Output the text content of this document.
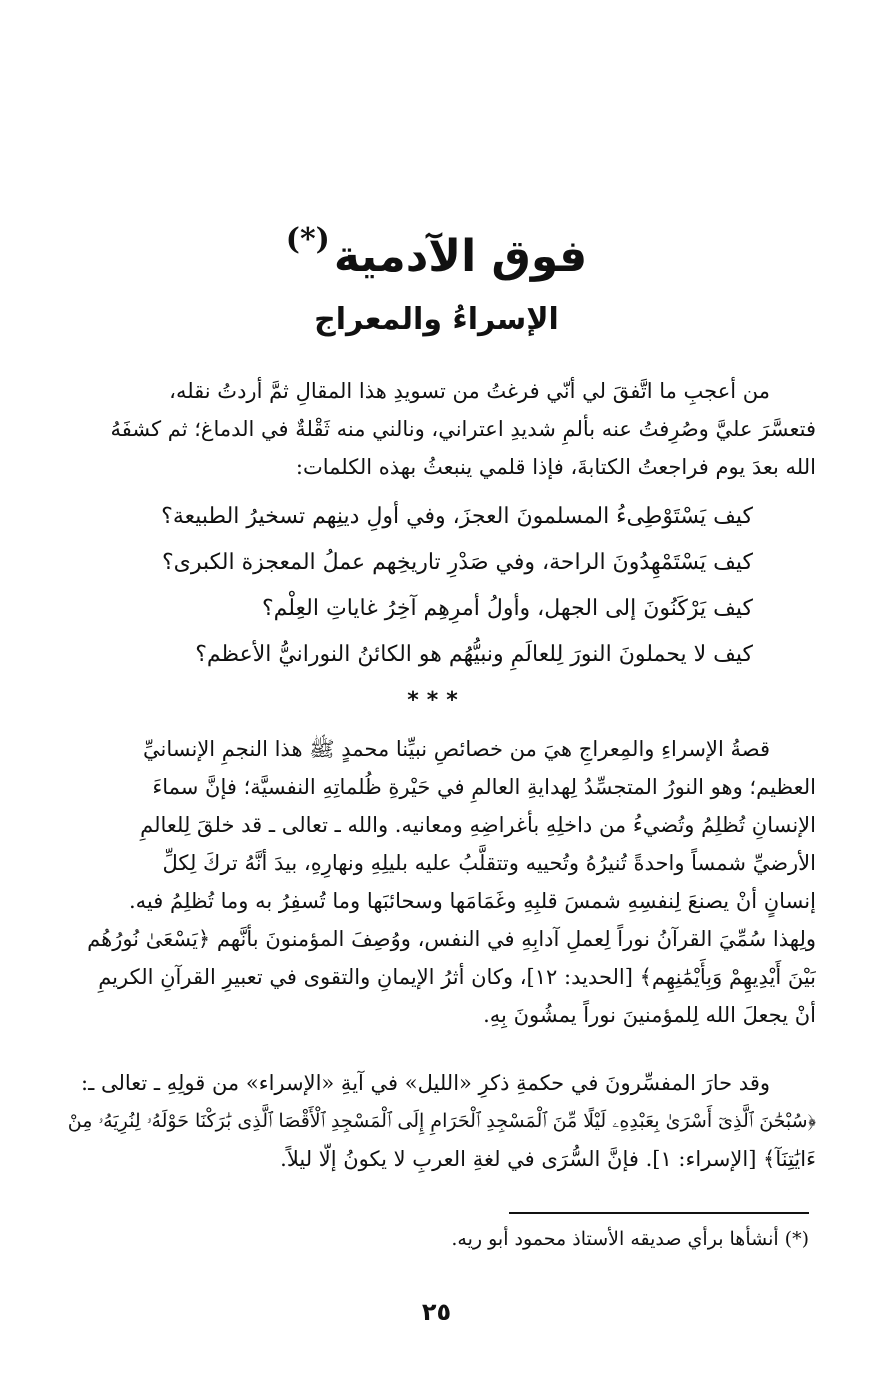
فوق الآدمية(*)
الإسراءُ والمعراج
من أعجبِ ما اتَّفقَ لي أنّي فرغتُ من تسويدِ هذا المقالِ ثمَّ أردتُ نقله،
فتعسَّرَ عليَّ وصُرِفتُ عنه بألمِ شديدِ اعتراني، ونالني منه ثَقْلةٌ في الدماغ؛ ثم كشفَهُ
الله بعدَ يوم فراجعتُ الكتابةَ، فإذا قلمي ينبعثُ بهذه الكلمات:
كيف يَسْتَوْطِىءُ المسلمونَ العجزَ، وفي أولِ دينِهم تسخيرُ الطبيعة؟
كيف يَسْتَمْهِدُونَ الراحة، وفي صَدْرِ تاريخِهم عملُ المعجزة الكبرى؟
كيف يَرْكَنُونَ إلى الجهل، وأولُ أمرِهِم آخِرُ غاياتِ العِلْم؟
كيف لا يحملونَ النورَ لِلعالَمِ ونبيُّهُم هو الكائنُ النورانيُّ الأعظم؟
***
قصةُ الإسراءِ والمِعراجِ هيَ من خصائصِ نبيِّنا محمدٍ ﷺ هذا النجمِ الإنسانيِّ
العظيم؛ وهو النورُ المتجسِّدُ لِهدايةِ العالمِ في حَيْرةِ ظُلماتِهِ النفسيَّة؛ فإنَّ سماءَ
الإنسانِ تُظلِمُ وتُضيءُ من داخلِهِ بأغراضِهِ ومعانيه. والله ـ تعالى ـ قد خلقَ لِلعالمِ
الأرضيِّ شمساً واحدةً تُنيرُهُ وتُحييه وتتقلَّبُ عليه بليلِهِ ونهارِهِ، بيدَ أنَّهُ تركَ لِكلِّ
إنسانٍ أنْ يصنعَ لِنفسِهِ شمسَ قلبِهِ وغَمَامَها وسحائبَها وما تُسفِرُ به وما تُظلِمُ فيه.
ولِهذا سُمِّيَ القرآنُ نوراً لِعملِ آدابِهِ في النفس، ووُصِفَ المؤمنونَ بأنَّهم ﴿يَسْعَىٰ نُورُهُم
بَيْنَ أَيْدِيهِمْ وَبِأَيْمَٰنِهِم﴾ [الحديد: ١٢]، وكان أثرُ الإيمانِ والتقوى في تعبيرِ القرآنِ الكريمِ
أنْ يجعلَ الله لِلمؤمنينَ نوراً يمشُونَ بِهِ.
وقد حارَ المفسِّرونَ في حكمةِ ذكرِ «الليل» في آيةِ «الإسراء» من قولِهِ ـ تعالى ـ:
﴿سُبْحَٰنَ ٱلَّذِىٓ أَسْرَىٰ بِعَبْدِهِۦ لَيْلًا مِّنَ ٱلْمَسْجِدِ ٱلْحَرَامِ إِلَى ٱلْمَسْجِدِ ٱلْأَقْصَا ٱلَّذِى بَٰرَكْنَا حَوْلَهُۥ لِنُرِيَهُۥ مِنْ
ءَايَٰتِنَآ﴾ [الإسراء: ١]. فإنَّ السُّرَى في لغةِ العربِ لا يكونُ إلّا ليلاً.
(*) أنشأها برأي صديقه الأستاذ محمود أبو ريه.
٢٥
